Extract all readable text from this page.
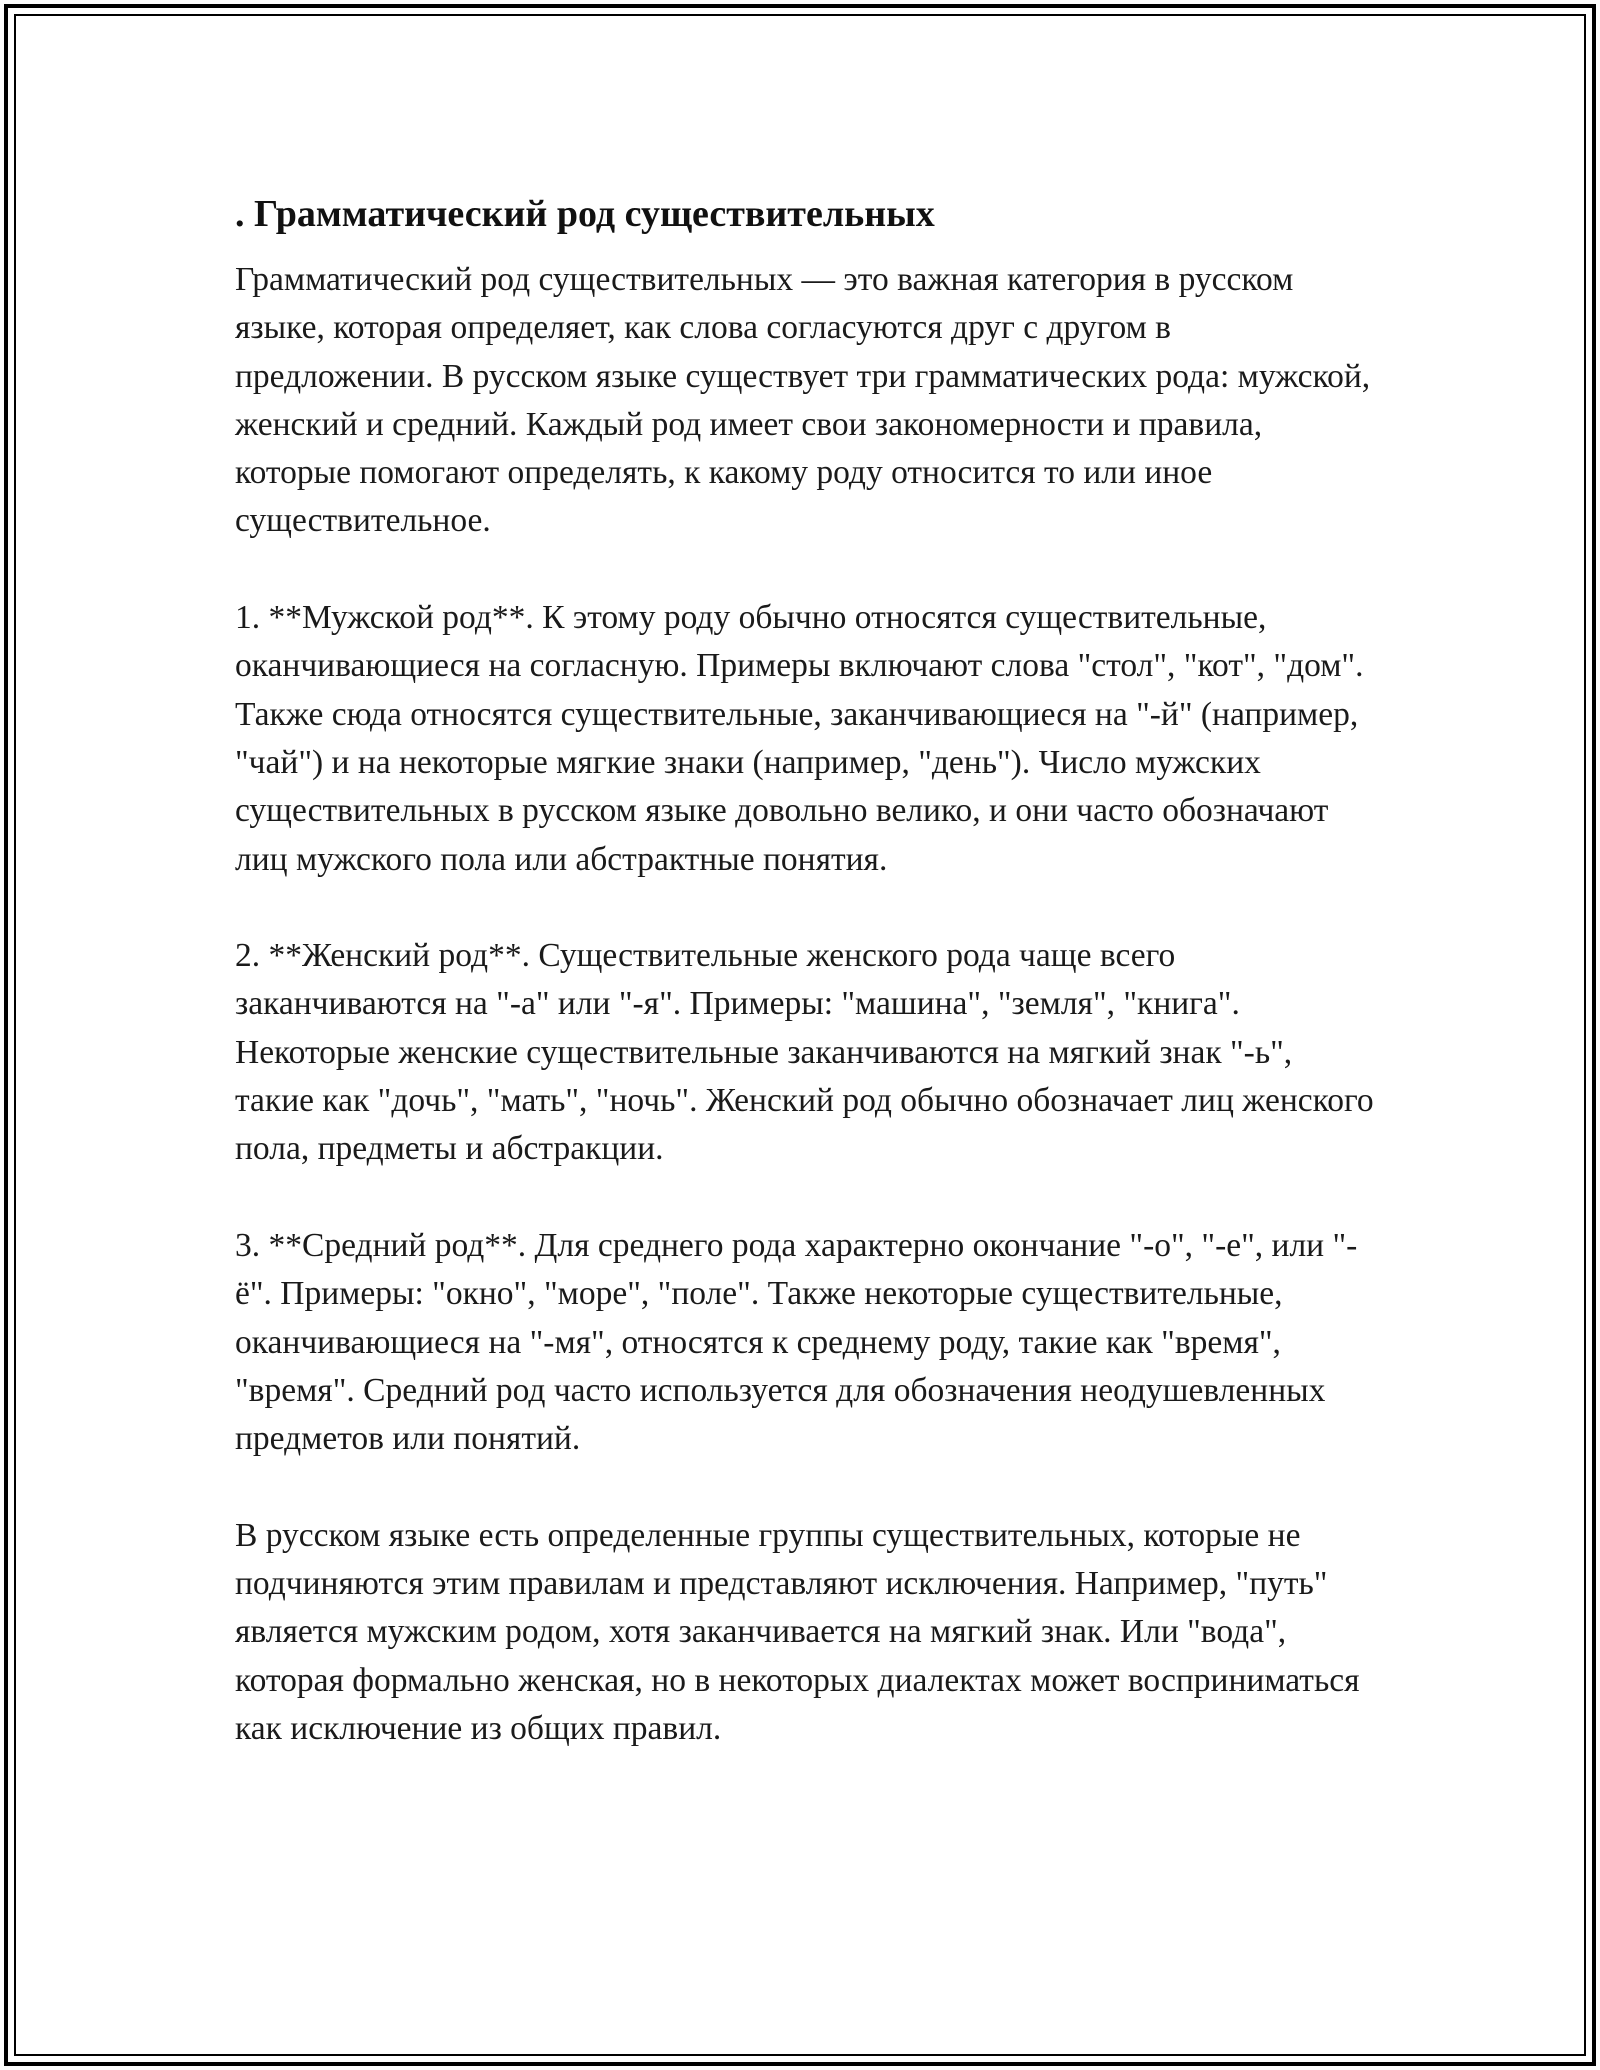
. Грамматический род существительных

Грамматический род существительных — это важная категория в русском языке, которая определяет, как слова согласуются друг с другом в предложении. В русском языке существует три грамматических рода: мужской, женский и средний. Каждый род имеет свои закономерности и правила, которые помогают определять, к какому роду относится то или иное существительное.

1. **Мужской род**. К этому роду обычно относятся существительные, оканчивающиеся на согласную. Примеры включают слова "стол", "кот", "дом". Также сюда относятся существительные, заканчивающиеся на "-й" (например, "чай") и на некоторые мягкие знаки (например, "день"). Число мужских существительных в русском языке довольно велико, и они часто обозначают лиц мужского пола или абстрактные понятия.

2. **Женский род**. Существительные женского рода чаще всего заканчиваются на "-а" или "-я". Примеры: "машина", "земля", "книга". Некоторые женские существительные заканчиваются на мягкий знак "-ь", такие как "дочь", "мать", "ночь". Женский род обычно обозначает лиц женского пола, предметы и абстракции.

3. **Средний род**. Для среднего рода характерно окончание "-о", "-е", или "-ё". Примеры: "окно", "море", "поле". Также некоторые существительные, оканчивающиеся на "-мя", относятся к среднему роду, такие как "время", "время". Средний род часто используется для обозначения неодушевленных предметов или понятий.

В русском языке есть определенные группы существительных, которые не подчиняются этим правилам и представляют исключения. Например, "путь" является мужским родом, хотя заканчивается на мягкий знак. Или "вода", которая формально женская, но в некоторых диалектах может восприниматься как исключение из общих правил.
